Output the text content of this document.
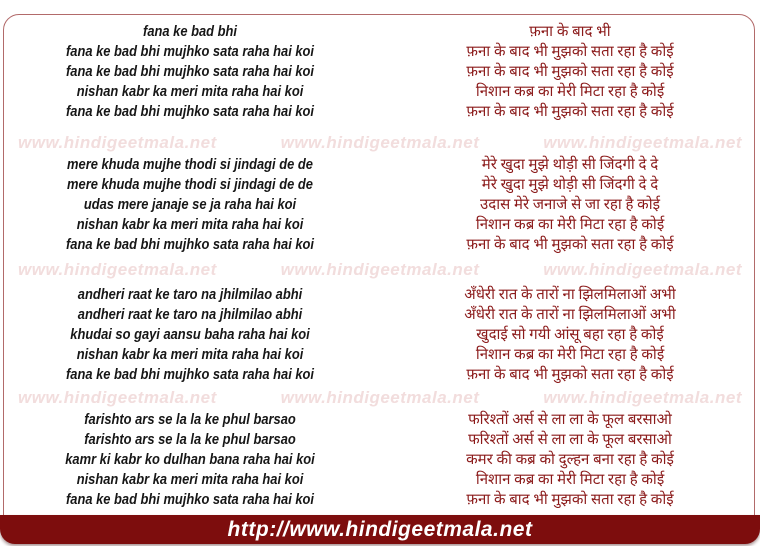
fana ke bad bhi
fana ke bad bhi mujhko sata raha hai koi
fana ke bad bhi mujhko sata raha hai koi
nishan kabr ka meri mita raha hai koi
fana ke bad bhi mujhko sata raha hai koi
फ़ना के बाद भी
फ़ना के बाद भी मुझको सता रहा है कोई
फ़ना के बाद भी मुझको सता रहा है कोई
निशान कब्र का मेरी मिटा रहा है कोई
फ़ना के बाद भी मुझको सता रहा है कोई
www.hindigeetmala.net	www.hindigeetmala.net	www.hindigeetmala.net
mere khuda mujhe thodi si jindagi de de
mere khuda mujhe thodi si jindagi de de
udas mere janaje se ja raha hai koi
nishan kabr ka meri mita raha hai koi
fana ke bad bhi mujhko sata raha hai koi
मेरे खुदा मुझे थोड़ी सी जिंदगी दे दे
मेरे खुदा मुझे थोड़ी सी जिंदगी दे दे
उदास मेरे जनाजे से जा रहा है कोई
निशान कब्र का मेरी मिटा रहा है कोई
फ़ना के बाद भी मुझको सता रहा है कोई
www.hindigeetmala.net	www.hindigeetmala.net	www.hindigeetmala.net
andheri raat ke taro na jhilmilao abhi
andheri raat ke taro na jhilmilao abhi
khudai so gayi aansu baha raha hai koi
nishan kabr ka meri mita raha hai koi
fana ke bad bhi mujhko sata raha hai koi
अँधेरी रात के तारों ना झिलमिलाओं अभी
अँधेरी रात के तारों ना झिलमिलाओं अभी
खुदाई सो गयी आंसू बहा रहा है कोई
निशान कब्र का मेरी मिटा रहा है कोई
फ़ना के बाद भी मुझको सता रहा है कोई
www.hindigeetmala.net	www.hindigeetmala.net	www.hindigeetmala.net
farishto ars se la la ke phul barsao
farishto ars se la la ke phul barsao
kamr ki kabr ko dulhan bana raha hai koi
nishan kabr ka meri mita raha hai koi
fana ke bad bhi mujhko sata raha hai koi
फरिश्तों अर्स से ला ला के फूल बरसाओ
फरिश्तों अर्स से ला ला के फूल बरसाओ
कमर की कब्र को दुल्हन बना रहा है कोई
निशान कब्र का मेरी मिटा रहा है कोई
फ़ना के बाद भी मुझको सता रहा है कोई
http://www.hindigeetmala.net
